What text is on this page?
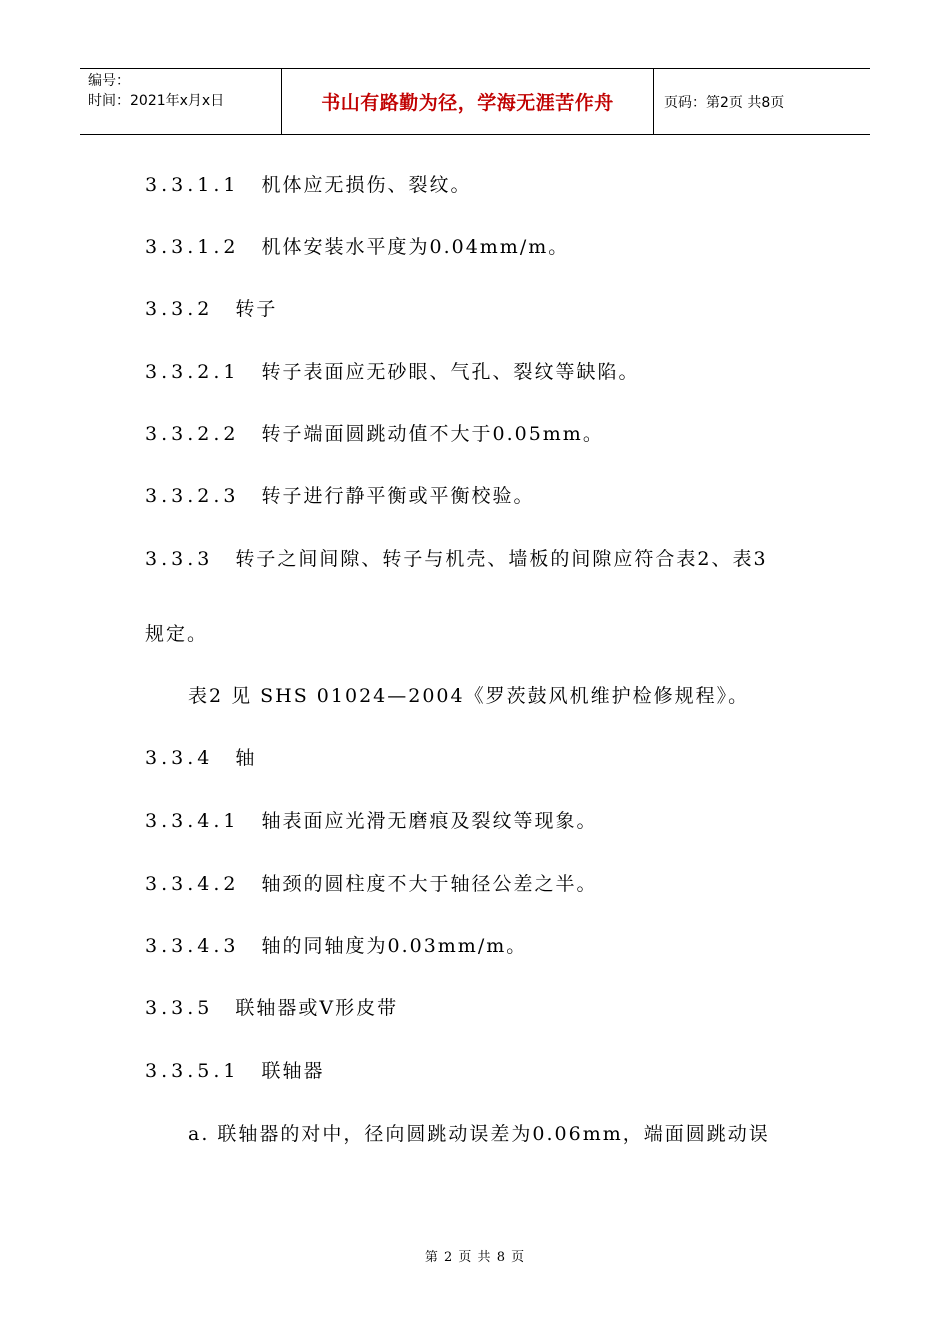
编号：
时间：2021年x月x日	书山有路勤为径，学海无涯苦作舟	页码：第2页 共8页
3.3.1.1 机体应无损伤、裂纹。
3.3.1.2 机体安装水平度为0.04mm/m。
3.3.2 转子
3.3.2.1 转子表面应无砂眼、气孔、裂纹等缺陷。
3.3.2.2 转子端面圆跳动值不大于0.05mm。
3.3.2.3 转子进行静平衡或平衡校验。
3.3.3 转子之间间隙、转子与机壳、墙板的间隙应符合表2、表3
规定。
表2 见 SHS 01024—2004《罗茨鼓风机维护检修规程》。
3.3.4 轴
3.3.4.1 轴表面应光滑无磨痕及裂纹等现象。
3.3.4.2 轴颈的圆柱度不大于轴径公差之半。
3.3.4.3 轴的同轴度为0.03mm/m。
3.3.5 联轴器或V形皮带
3.3.5.1 联轴器
a. 联轴器的对中，径向圆跳动误差为0.06mm，端面圆跳动误
第 2 页 共 8 页
